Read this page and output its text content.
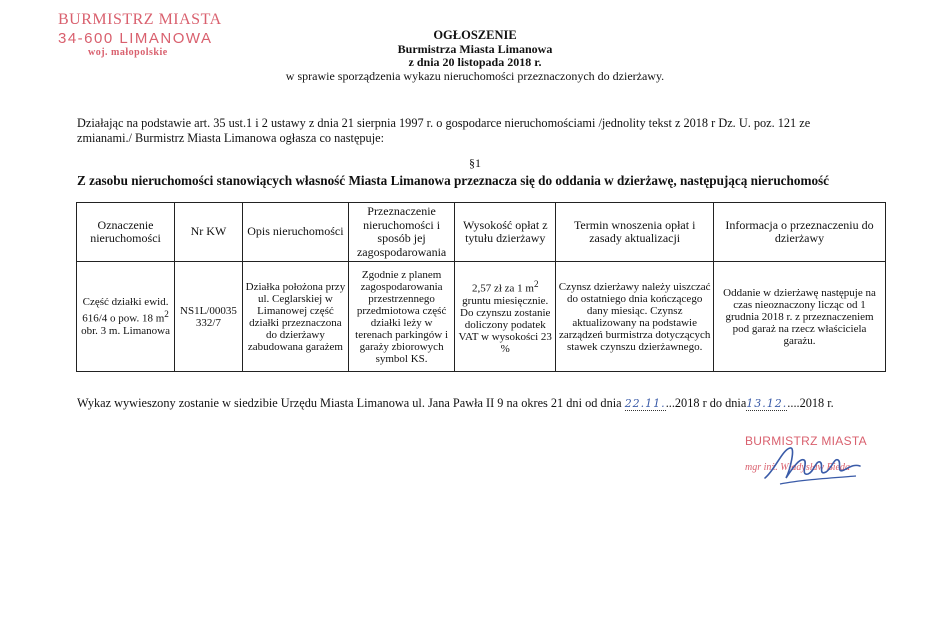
BURMISTRZ MIASTA
34-600 LIMANOWA
woj. małopolskie
OGŁOSZENIE
Burmistrza Miasta Limanowa
z dnia 20 listopada 2018 r.
w sprawie sporządzenia wykazu nieruchomości przeznaczonych do dzierżawy.
Działając na podstawie art. 35 ust.1 i 2 ustawy z dnia 21 sierpnia 1997 r. o gospodarce nieruchomościami /jednolity tekst z 2018 r Dz. U. poz. 121 ze zmianami./ Burmistrz Miasta Limanowa ogłasza co następuje:
§1
Z zasobu nieruchomości stanowiących własność Miasta Limanowa przeznacza się do oddania w dzierżawę, następującą nieruchomość
Oznaczenie nieruchomości	Nr KW	Opis nieruchomości	Przeznaczenie nieruchomości i sposób jej zagospodarowania	Wysokość opłat z tytułu dzierżawy	Termin wnoszenia opłat i zasady aktualizacji	Informacja o przeznaczeniu do dzierżawy
Część działki ewid. 616/4 o pow. 18 $m^2$ obr. 3 m. Limanowa	NS1L/00035 332/7	Działka położona przy ul. Ceglarskiej w Limanowej część działki przeznaczona do dzierżawy zabudowana garażem	Zgodnie z planem zagospodarowania przestrzennego przedmiotowa część działki leży w terenach parkingów i garaży zbiorowych symbol KS.	2,57 zł za 1 $m^2$ gruntu miesięcznie. Do czynszu zostanie doliczony podatek VAT w wysokości 23 %	Czynsz dzierżawy należy uiszczać do ostatniego dnia kończącego dany miesiąc. Czynsz aktualizowany na podstawie zarządzeń burmistrza dotyczących stawek czynszu dzierżawnego.	Oddanie w dzierżawę następuje na czas nieoznaczony licząc od 1 grudnia 2018 r. z przeznaczeniem pod garaż na rzecz właściciela garażu.
Wykaz wywieszony zostanie w siedzibie Urzędu Miasta Limanowa ul. Jana Pawła II 9 na okres 21 dni od dnia 22.11....2018 r do dnia13.12.....2018 r.
BURMISTRZ MIASTA
mgr inż. Władysław Bieda
